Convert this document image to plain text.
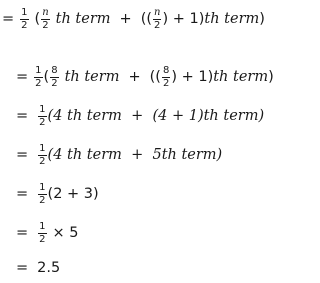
= $\frac{1}{2}$ ( $\frac{n}{2}$ th term + (( $\frac{n}{2}$ ) + 1) th term )
= $\frac{1}{2}$ ( $\frac{8}{2}$ th term + (( $\frac{8}{2}$ ) + 1) th term )
= $\frac{1}{2} (4$ th term  +  (4 + 1)th term)
= $\frac{1}{2} (4$ th term  +  5th term)
= $\frac{1}{2} (2 + 3)$
= $\frac{1}{2} \times 5$
= 2.5
